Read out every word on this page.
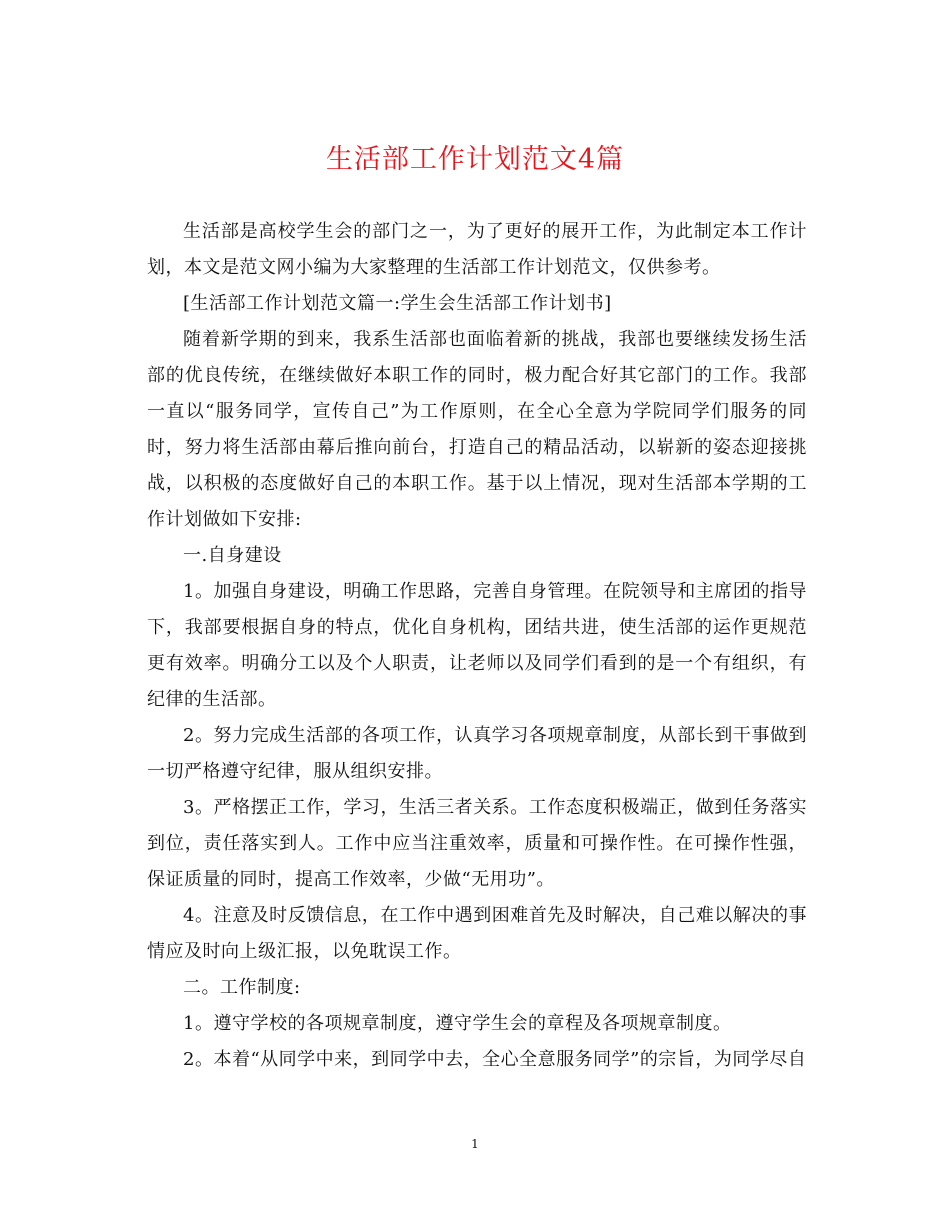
生活部工作计划范文4篇

生活部是高校学生会的部门之一，为了更好的展开工作，为此制定本工作计划，本文是范文网小编为大家整理的生活部工作计划范文，仅供参考。

[生活部工作计划范文篇一:学生会生活部工作计划书]

随着新学期的到来，我系生活部也面临着新的挑战，我部也要继续发扬生活部的优良传统，在继续做好本职工作的同时，极力配合好其它部门的工作。我部一直以“服务同学，宣传自己”为工作原则，在全心全意为学院同学们服务的同时，努力将生活部由幕后推向前台，打造自己的精品活动，以崭新的姿态迎接挑战，以积极的态度做好自己的本职工作。基于以上情况，现对生活部本学期的工作计划做如下安排:

一.自身建设

1。加强自身建设，明确工作思路，完善自身管理。在院领导和主席团的指导下，我部要根据自身的特点，优化自身机构，团结共进，使生活部的运作更规范更有效率。明确分工以及个人职责，让老师以及同学们看到的是一个有组织，有纪律的生活部。

2。努力完成生活部的各项工作，认真学习各项规章制度，从部长到干事做到一切严格遵守纪律，服从组织安排。

3。严格摆正工作，学习，生活三者关系。工作态度积极端正，做到任务落实到位，责任落实到人。工作中应当注重效率，质量和可操作性。在可操作性强，保证质量的同时，提高工作效率，少做“无用功”。

4。注意及时反馈信息，在工作中遇到困难首先及时解决，自己难以解决的事情应及时向上级汇报，以免耽误工作。

二。工作制度:

1。遵守学校的各项规章制度，遵守学生会的章程及各项规章制度。

2。本着“从同学中来，到同学中去，全心全意服务同学”的宗旨，为同学尽自

1
